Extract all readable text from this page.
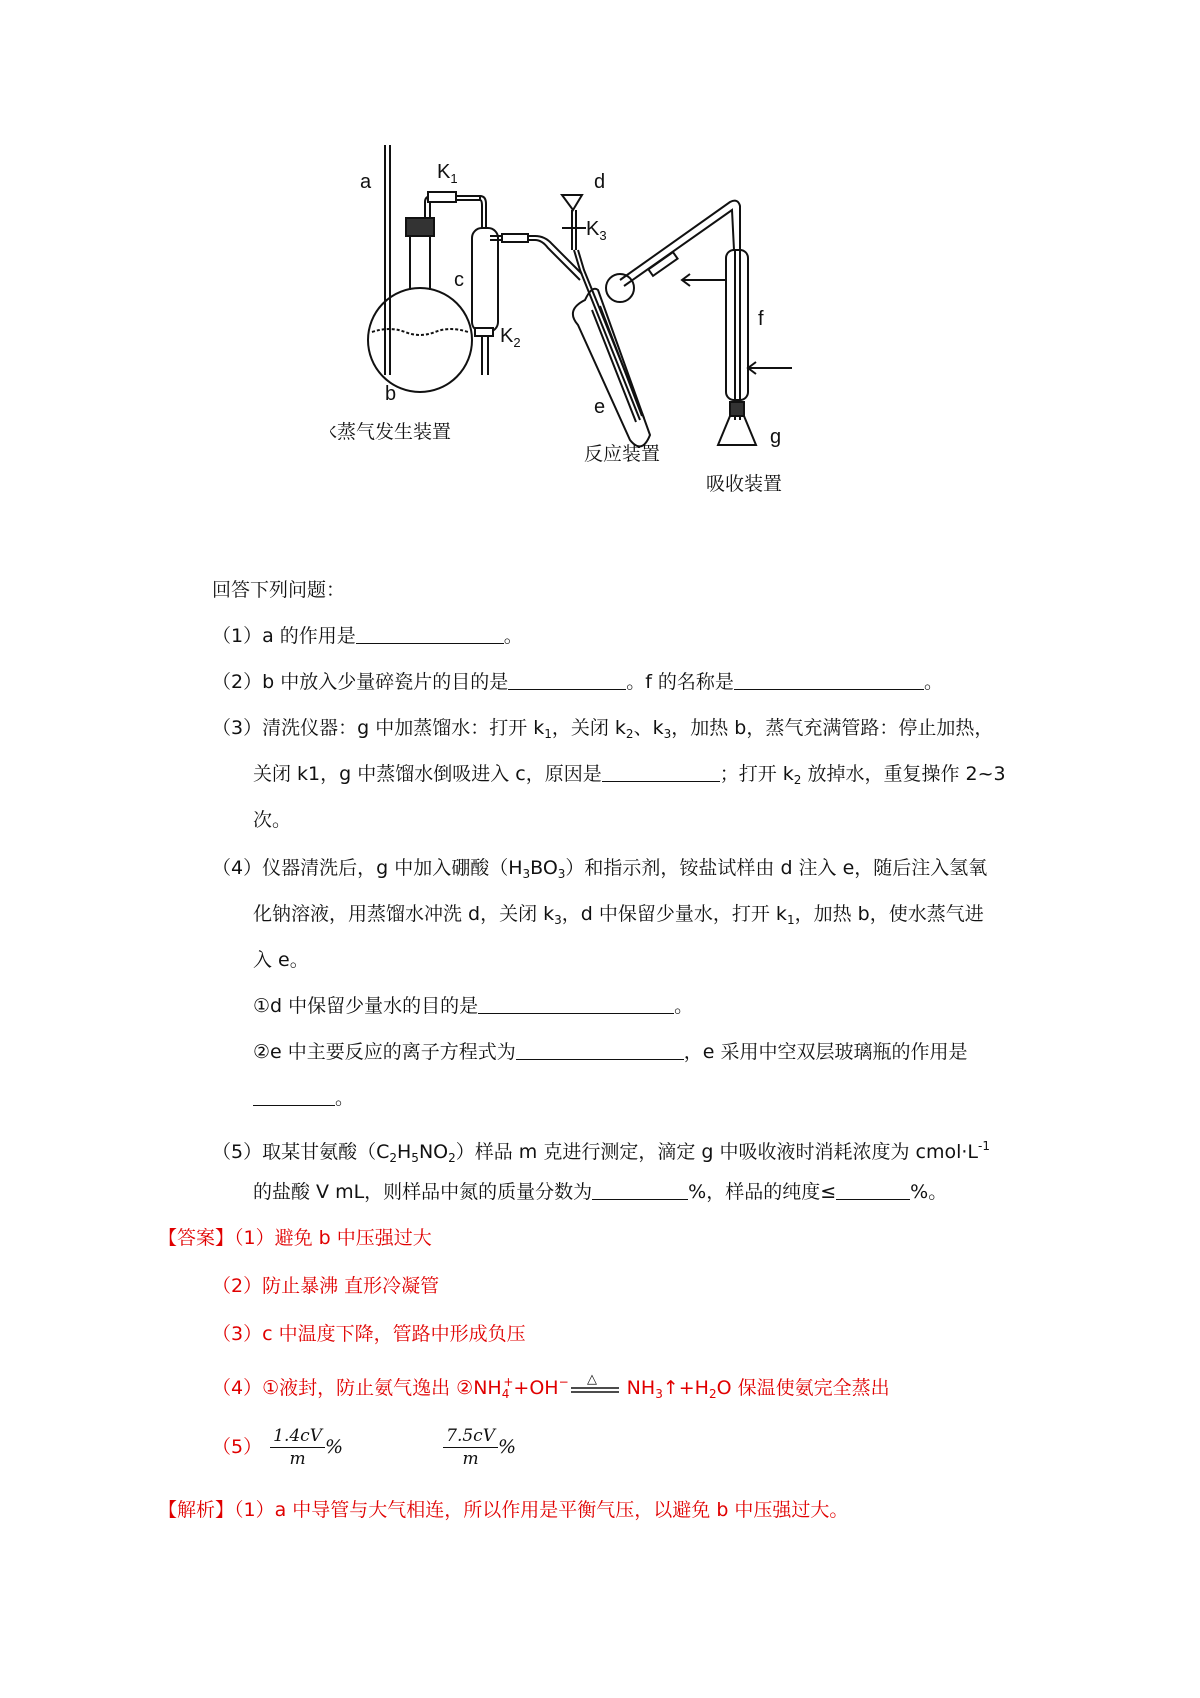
a	$K_1$	d
$K_3$
c
$K_2$
f
b
e
g
水蒸气发生装置
反应装置
吸收装置
回答下列问题：
（1）a 的作用是	。
（2）b 中放入少量碎瓷片的目的是	。f 的名称是	。
（3）清洗仪器：g 中加蒸馏水：打开 $k_1$，关闭 $k_2$、$k_3$，加热 b，蒸气充满管路：停止加热，
关闭 k1，g 中蒸馏水倒吸进入 c，原因是	；打开 $k_2$ 放掉水，重复操作 2~3
次。
（4）仪器清洗后，g 中加入硼酸$(H_3BO_3)$和指示剂，铵盐试样由 d 注入 e，随后注入氢氧
化钠溶液，用蒸馏水冲洗 d，关闭 $k_3$，d 中保留少量水，打开 $k_1$，加热 b，使水蒸气进
入 e。
①d 中保留少量水的目的是	。
②e 中主要反应的离子方程式为	，e 采用中空双层玻璃瓶的作用是
。
（5）取某甘氨酸$(C_2H_5NO_2)$样品 m 克进行测定，滴定 g 中吸收液时消耗浓度为 $cmol\cdot L^{-1}$
的盐酸 V mL，则样品中氮的质量分数为	%，样品的纯度≤	%。
【答案】（1）避免 b 中压强过大
（2）防止暴沸 直形冷凝管
（3）c 中温度下降，管路中形成负压
（4）①液封，防止氨气逸出 $②NH_4^++OH^-$ △ $NH_3↑+H_2O$ 保温使氨完全蒸出
$(5) \frac{1.4cV}{m}$ %	$\frac{7.5cV}{m}$ %
【解析】（1）a 中导管与大气相连，所以作用是平衡气压，以避免 b 中压强过大。
